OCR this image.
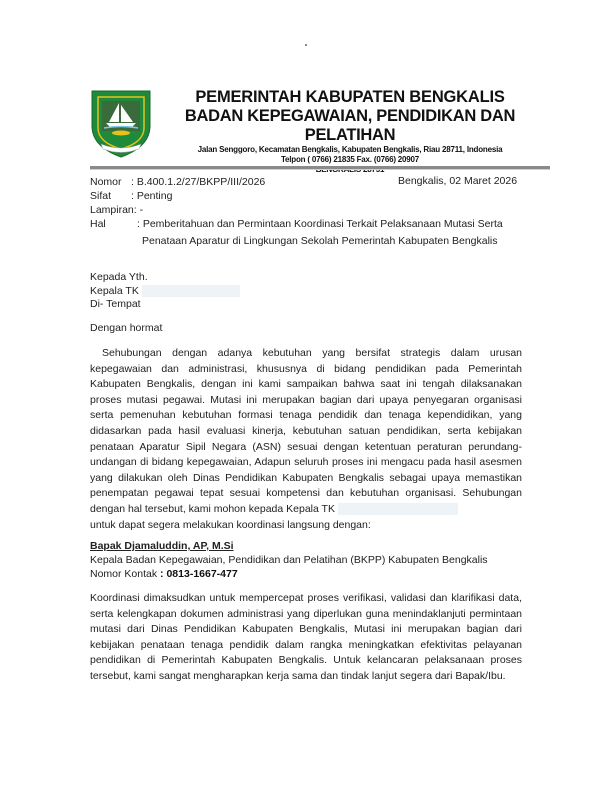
PEMERINTAH KABUPATEN BENGKALIS
BADAN KEPEGAWAIAN, PENDIDIKAN DAN PELATIHAN
Jalan Senggoro, Kecamatan Bengkalis, Kabupaten Bengkalis, Riau 28711, Indonesia
Telpon ( 0766) 21835 Fax. (0766) 20907
Nomor : B.400.1.2/27/BKPP/III/2026	Bengkalis, 02 Maret 2026
Sifat : Penting
Lampiran: -
Hal	: Pemberitahuan dan Permintaan Koordinasi Terkait Pelaksanaan Mutasi Serta
Penataan Aparatur di Lingkungan Sekolah Pemerintah Kabupaten Bengkalis
Kepada Yth.
Kepala TK
Di- Tempat
Dengan hormat
Sehubungan dengan adanya kebutuhan yang bersifat strategis dalam urusan kepegawaian dan administrasi, khususnya di bidang pendidikan pada Pemerintah Kabupaten Bengkalis, dengan ini kami sampaikan bahwa saat ini tengah dilaksanakan proses mutasi pegawai. Mutasi ini merupakan bagian dari upaya penyegaran organisasi serta pemenuhan kebutuhan formasi tenaga pendidik dan tenaga kependidikan, yang didasarkan pada hasil evaluasi kinerja, kebutuhan satuan pendidikan, serta kebijakan penataan Aparatur Sipil Negara (ASN) sesuai dengan ketentuan peraturan perundang-undangan di bidang kepegawaian, Adapun seluruh proses ini mengacu pada hasil asesmen yang dilakukan oleh Dinas Pendidikan Kabupaten Bengkalis sebagai upaya memastikan penempatan pegawai tepat sesuai kompetensi dan kebutuhan organisasi. Sehubungan dengan hal tersebut, kami mohon kepada Kepala TK
untuk dapat segera melakukan koordinasi langsung dengan:
Bapak Djamaluddin, AP, M.Si
Kepala Badan Kepegawaian, Pendidikan dan Pelatihan (BKPP) Kabupaten Bengkalis
Nomor Kontak : 0813-1667-477
Koordinasi dimaksudkan untuk mempercepat proses verifikasi, validasi dan klarifikasi data, serta kelengkapan dokumen administrasi yang diperlukan guna menindaklanjuti permintaan mutasi dari Dinas Pendidikan Kabupaten Bengkalis, Mutasi ini merupakan bagian dari kebijakan penataan tenaga pendidik dalam rangka meningkatkan efektivitas pelayanan pendidikan di Pemerintah Kabupaten Bengkalis. Untuk kelancaran pelaksanaan proses tersebut, kami sangat mengharapkan kerja sama dan tindak lanjut segera dari Bapak/Ibu.
